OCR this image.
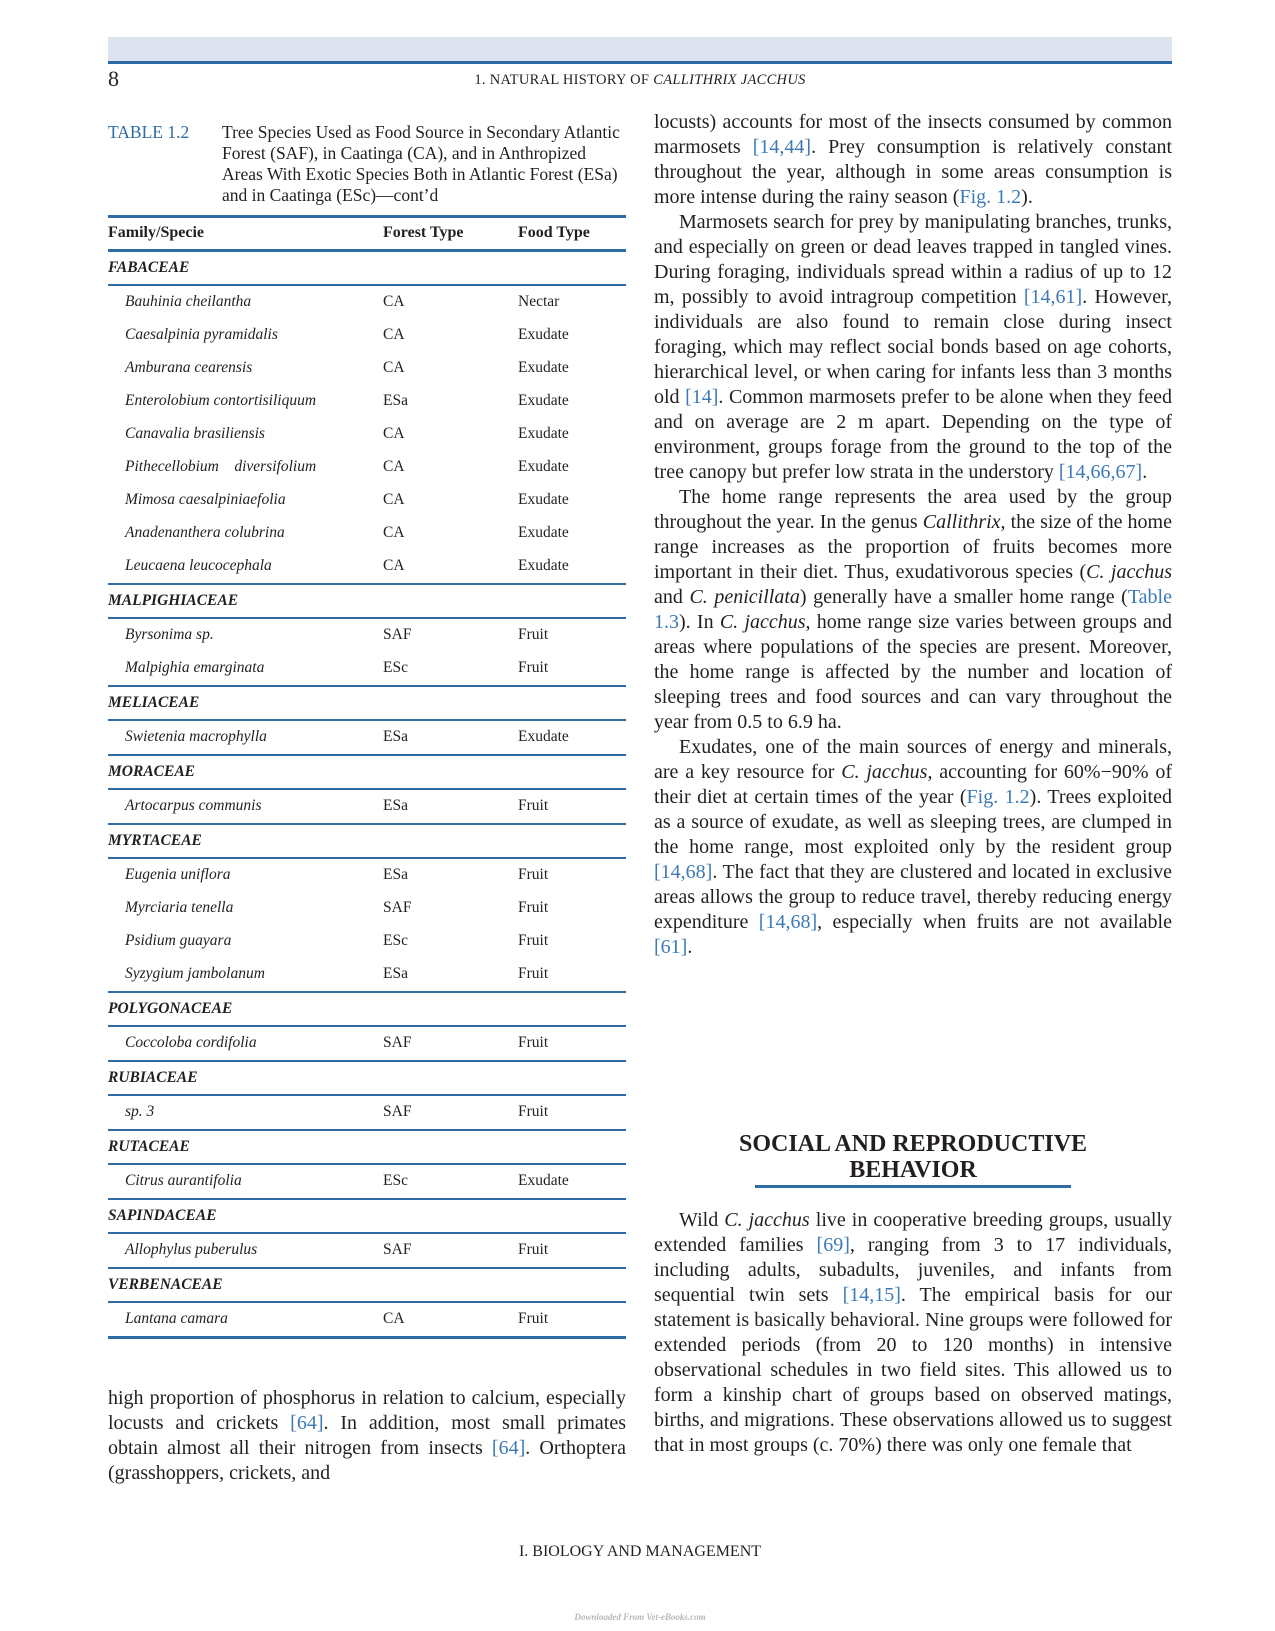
8	1. NATURAL HISTORY OF CALLITHRIX JACCHUS
TABLE 1.2 Tree Species Used as Food Source in Secondary Atlantic Forest (SAF), in Caatinga (CA), and in Anthropized Areas With Exotic Species Both in Atlantic Forest (ESa) and in Caatinga (ESc)—cont’d
Family/Specie	Forest Type	Food Type
FABACEAE
Bauhinia cheilantha	CA	Nectar
Caesalpinia pyramidalis	CA	Exudate
Amburana cearensis	CA	Exudate
Enterolobium contortisiliquum	ESa	Exudate
Canavalia brasiliensis	CA	Exudate
Pithecellobium    diversifolium	CA	Exudate
Mimosa caesalpiniaefolia	CA	Exudate
Anadenanthera colubrina	CA	Exudate
Leucaena leucocephala	CA	Exudate
MALPIGHIACEAE
Byrsonima sp.	SAF	Fruit
Malpighia emarginata	ESc	Fruit
MELIACEAE
Swietenia macrophylla	ESa	Exudate
MORACEAE
Artocarpus communis	ESa	Fruit
MYRTACEAE
Eugenia uniflora	ESa	Fruit
Myrciaria tenella	SAF	Fruit
Psidium guayara	ESc	Fruit
Syzygium jambolanum	ESa	Fruit
POLYGONACEAE
Coccoloba cordifolia	SAF	Fruit
RUBIACEAE
sp. 3	SAF	Fruit
RUTACEAE
Citrus aurantifolia	ESc	Exudate
SAPINDACEAE
Allophylus puberulus	SAF	Fruit
VERBENACEAE
Lantana camara	CA	Fruit

high proportion of phosphorus in relation to calcium, especially locusts and crickets [64]. In addition, most small primates obtain almost all their nitrogen from insects [64]. Orthoptera (grasshoppers, crickets, and

locusts) accounts for most of the insects consumed by common marmosets [14,44]. Prey consumption is relatively constant throughout the year, although in some areas consumption is more intense during the rainy season (Fig. 1.2).

Marmosets search for prey by manipulating branches, trunks, and especially on green or dead leaves trapped in tangled vines. During foraging, individuals spread within a radius of up to 12 m, possibly to avoid intragroup competition [14,61]. However, individuals are also found to remain close during insect foraging, which may reflect social bonds based on age cohorts, hierarchical level, or when caring for infants less than 3 months old [14]. Common marmosets prefer to be alone when they feed and on average are 2 m apart. Depending on the type of environment, groups forage from the ground to the top of the tree canopy but prefer low strata in the understory [14,66,67].

The home range represents the area used by the group throughout the year. In the genus Callithrix, the size of the home range increases as the proportion of fruits becomes more important in their diet. Thus, exudativorous species (C. jacchus and C. penicillata) generally have a smaller home range (Table 1.3). In C. jacchus, home range size varies between groups and areas where populations of the species are present. Moreover, the home range is affected by the number and location of sleeping trees and food sources and can vary throughout the year from 0.5 to 6.9 ha.

Exudates, one of the main sources of energy and minerals, are a key resource for C. jacchus, accounting for 60%−90% of their diet at certain times of the year (Fig. 1.2). Trees exploited as a source of exudate, as well as sleeping trees, are clumped in the home range, most exploited only by the resident group [14,68]. The fact that they are clustered and located in exclusive areas allows the group to reduce travel, thereby reducing energy expenditure [14,68], especially when fruits are not available [61].

SOCIAL AND REPRODUCTIVE
BEHAVIOR

Wild C. jacchus live in cooperative breeding groups, usually extended families [69], ranging from 3 to 17 individuals, including adults, subadults, juveniles, and infants from sequential twin sets [14,15]. The empirical basis for our statement is basically behavioral. Nine groups were followed for extended periods (from 20 to 120 months) in intensive observational schedules in two field sites. This allowed us to form a kinship chart of groups based on observed matings, births, and migrations. These observations allowed us to suggest that in most groups (c. 70%) there was only one female that

I. BIOLOGY AND MANAGEMENT
Downloaded From Vet-eBooks.com
